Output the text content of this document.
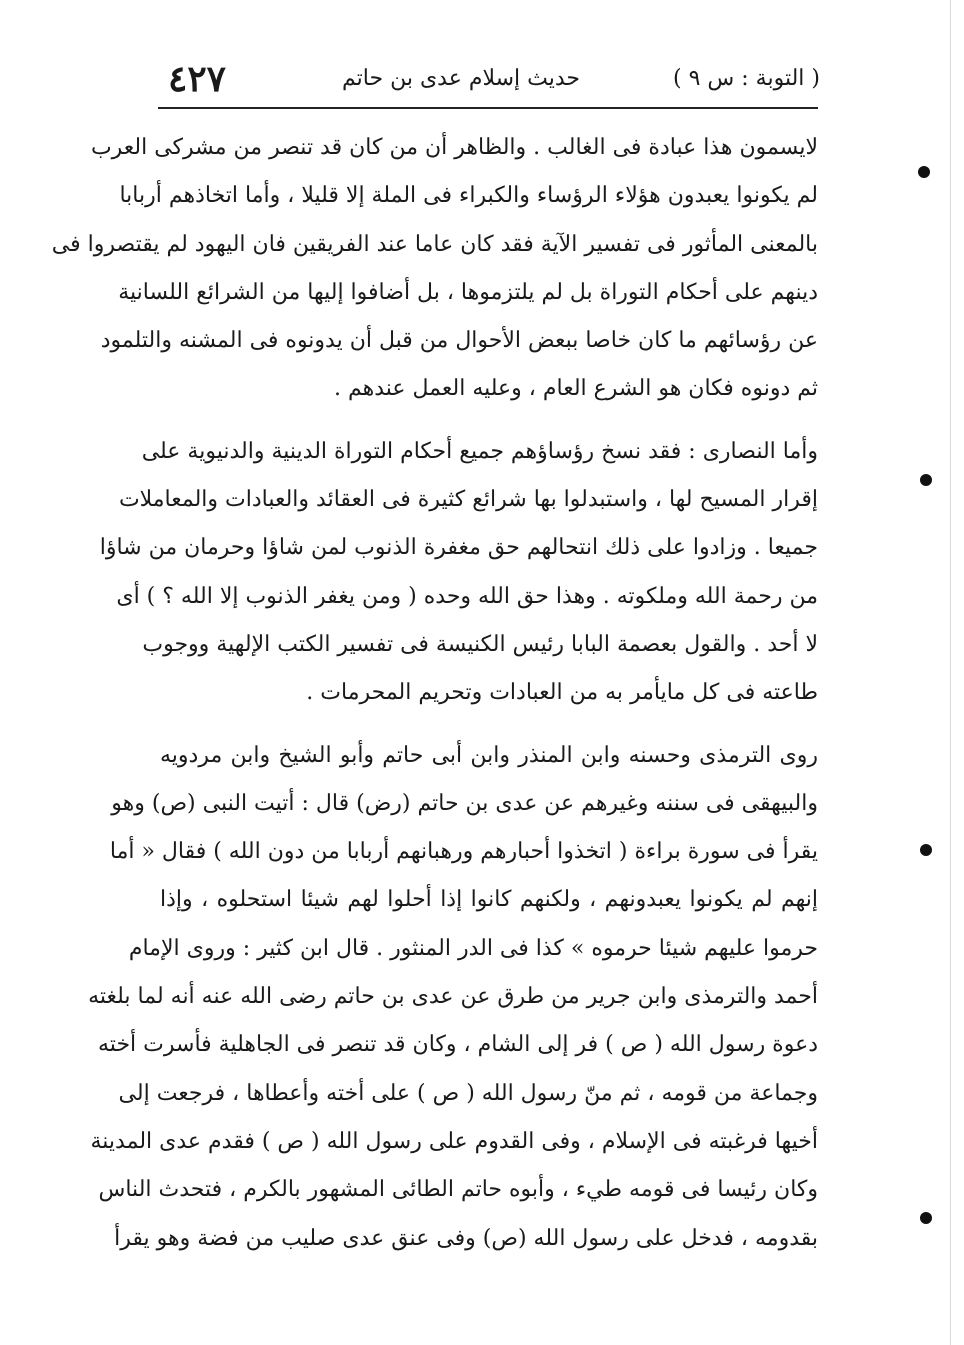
( التوبة : س ٩ )
حديث إسلام عدى بن حاتم
٤٢٧
لايسمون هذا عبادة فى الغالب . والظاهر أن من كان قد تنصر من مشركى العرب
لم يكونوا يعبدون هؤلاء الرؤساء والكبراء فى الملة إلا قليلا ، وأما اتخاذهم أربابا
بالمعنى المأثور فى تفسير الآية فقد كان عاما عند الفريقين فان اليهود لم يقتصروا فى
دينهم على أحكام التوراة بل لم يلتزموها ، بل أضافوا إليها من الشرائع اللسانية
عن رؤسائهم ما كان خاصا ببعض الأحوال من قبل أن يدونوه فى المشنه والتلمود
ثم دونوه فكان هو الشرع العام ، وعليه العمل عندهم .
وأما النصارى : فقد نسخ رؤساؤهم جميع أحكام التوراة الدينية والدنيوية على
إقرار المسيح لها ، واستبدلوا بها شرائع كثيرة فى العقائد والعبادات والمعاملات
جميعا . وزادوا على ذلك انتحالهم حق مغفرة الذنوب لمن شاؤا وحرمان من شاؤا
من رحمة الله وملكوته . وهذا حق الله وحده ( ومن يغفر الذنوب إلا الله ؟ ) أى
لا أحد . والقول بعصمة البابا رئيس الكنيسة فى تفسير الكتب الإلهية ووجوب
طاعته فى كل مايأمر به من العبادات وتحريم المحرمات .
روى الترمذى وحسنه وابن المنذر وابن أبى حاتم وأبو الشيخ وابن مردويه
والبيهقى فى سننه وغيرهم عن عدى بن حاتم (رض) قال : أتيت النبى (ص) وهو
يقرأ فى سورة براءة ( اتخذوا أحبارهم ورهبانهم أربابا من دون الله ) فقال « أما
إنهم لم يكونوا يعبدونهم ، ولكنهم كانوا إذا أحلوا لهم شيئا استحلوه ، وإذا
حرموا عليهم شيئا حرموه » كذا فى الدر المنثور . قال ابن كثير : وروى الإمام
أحمد والترمذى وابن جرير من طرق عن عدى بن حاتم رضى الله عنه أنه لما بلغته
دعوة رسول الله ( ص ) فر إلى الشام ، وكان قد تنصر فى الجاهلية فأسرت أخته
وجماعة من قومه ، ثم منّ رسول الله ( ص ) على أخته وأعطاها ، فرجعت إلى
أخيها فرغبته فى الإسلام ، وفى القدوم على رسول الله ( ص ) فقدم عدى المدينة
وكان رئيسا فى قومه طيء ، وأبوه حاتم الطائى المشهور بالكرم ، فتحدث الناس
بقدومه ، فدخل على رسول الله (ص) وفى عنق عدى صليب من فضة وهو يقرأ
